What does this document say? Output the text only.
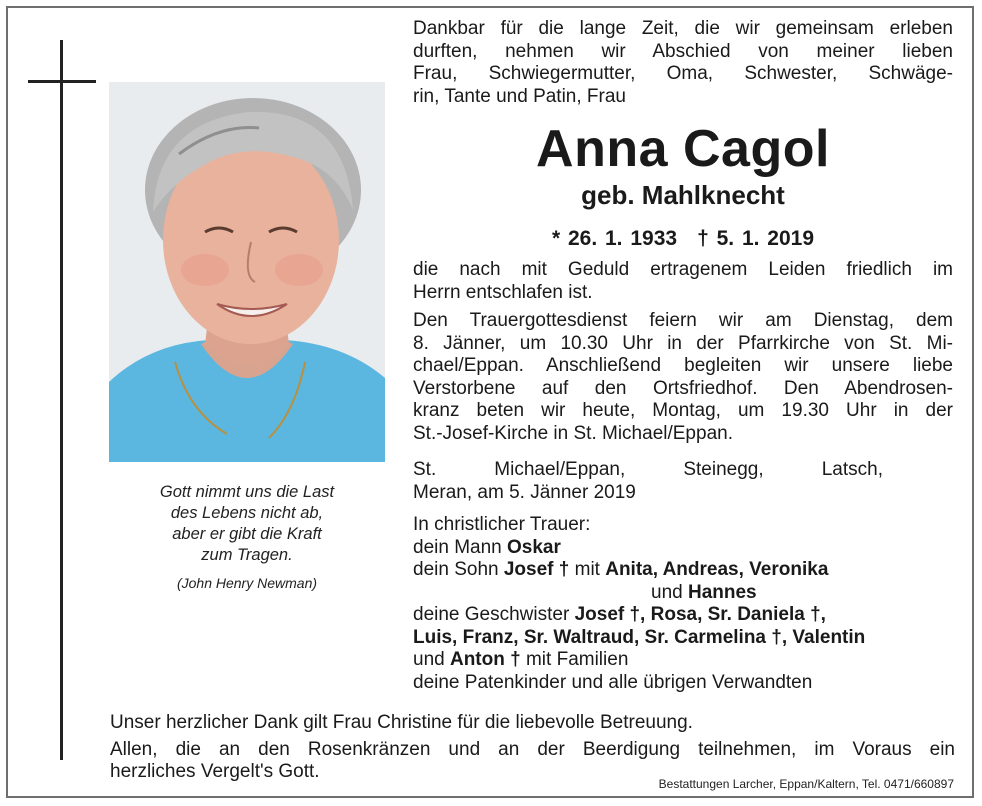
Gott nimmt uns die Last
des Lebens nicht ab,
aber er gibt die Kraft
zum Tragen.
(John Henry Newman)
Dankbar für die lange Zeit, die wir gemeinsam erleben
durften, nehmen wir Abschied von meiner lieben
Frau, Schwiegermutter, Oma, Schwester, Schwäge-
rin, Tante und Patin, Frau
Anna Cagol
geb. Mahlknecht
* 26. 1. 1933 † 5. 1. 2019
die nach mit Geduld ertragenem Leiden friedlich im
Herrn entschlafen ist.
Den Trauergottesdienst feiern wir am Dienstag, dem
8. Jänner, um 10.30 Uhr in der Pfarrkirche von St. Mi-
chael/Eppan. Anschließend begleiten wir unsere liebe
Verstorbene auf den Ortsfriedhof. Den Abendrosen-
kranz beten wir heute, Montag, um 19.30 Uhr in der
St.-Josef-Kirche in St. Michael/Eppan.
St. Michael/Eppan, Steinegg, Latsch,
Meran, am 5. Jänner 2019
In christlicher Trauer:
dein Mann Oskar
dein Sohn Josef † mit Anita, Andreas, Veronika
und Hannes
deine Geschwister Josef †, Rosa, Sr. Daniela †,
Luis, Franz, Sr. Waltraud, Sr. Carmelina †, Valentin
und Anton † mit Familien
deine Patenkinder und alle übrigen Verwandten
Unser herzlicher Dank gilt Frau Christine für die liebevolle Betreuung.
Allen, die an den Rosenkränzen und an der Beerdigung teilnehmen, im Voraus ein
herzliches Vergelt's Gott.
Bestattungen Larcher, Eppan/Kaltern, Tel. 0471/660897
